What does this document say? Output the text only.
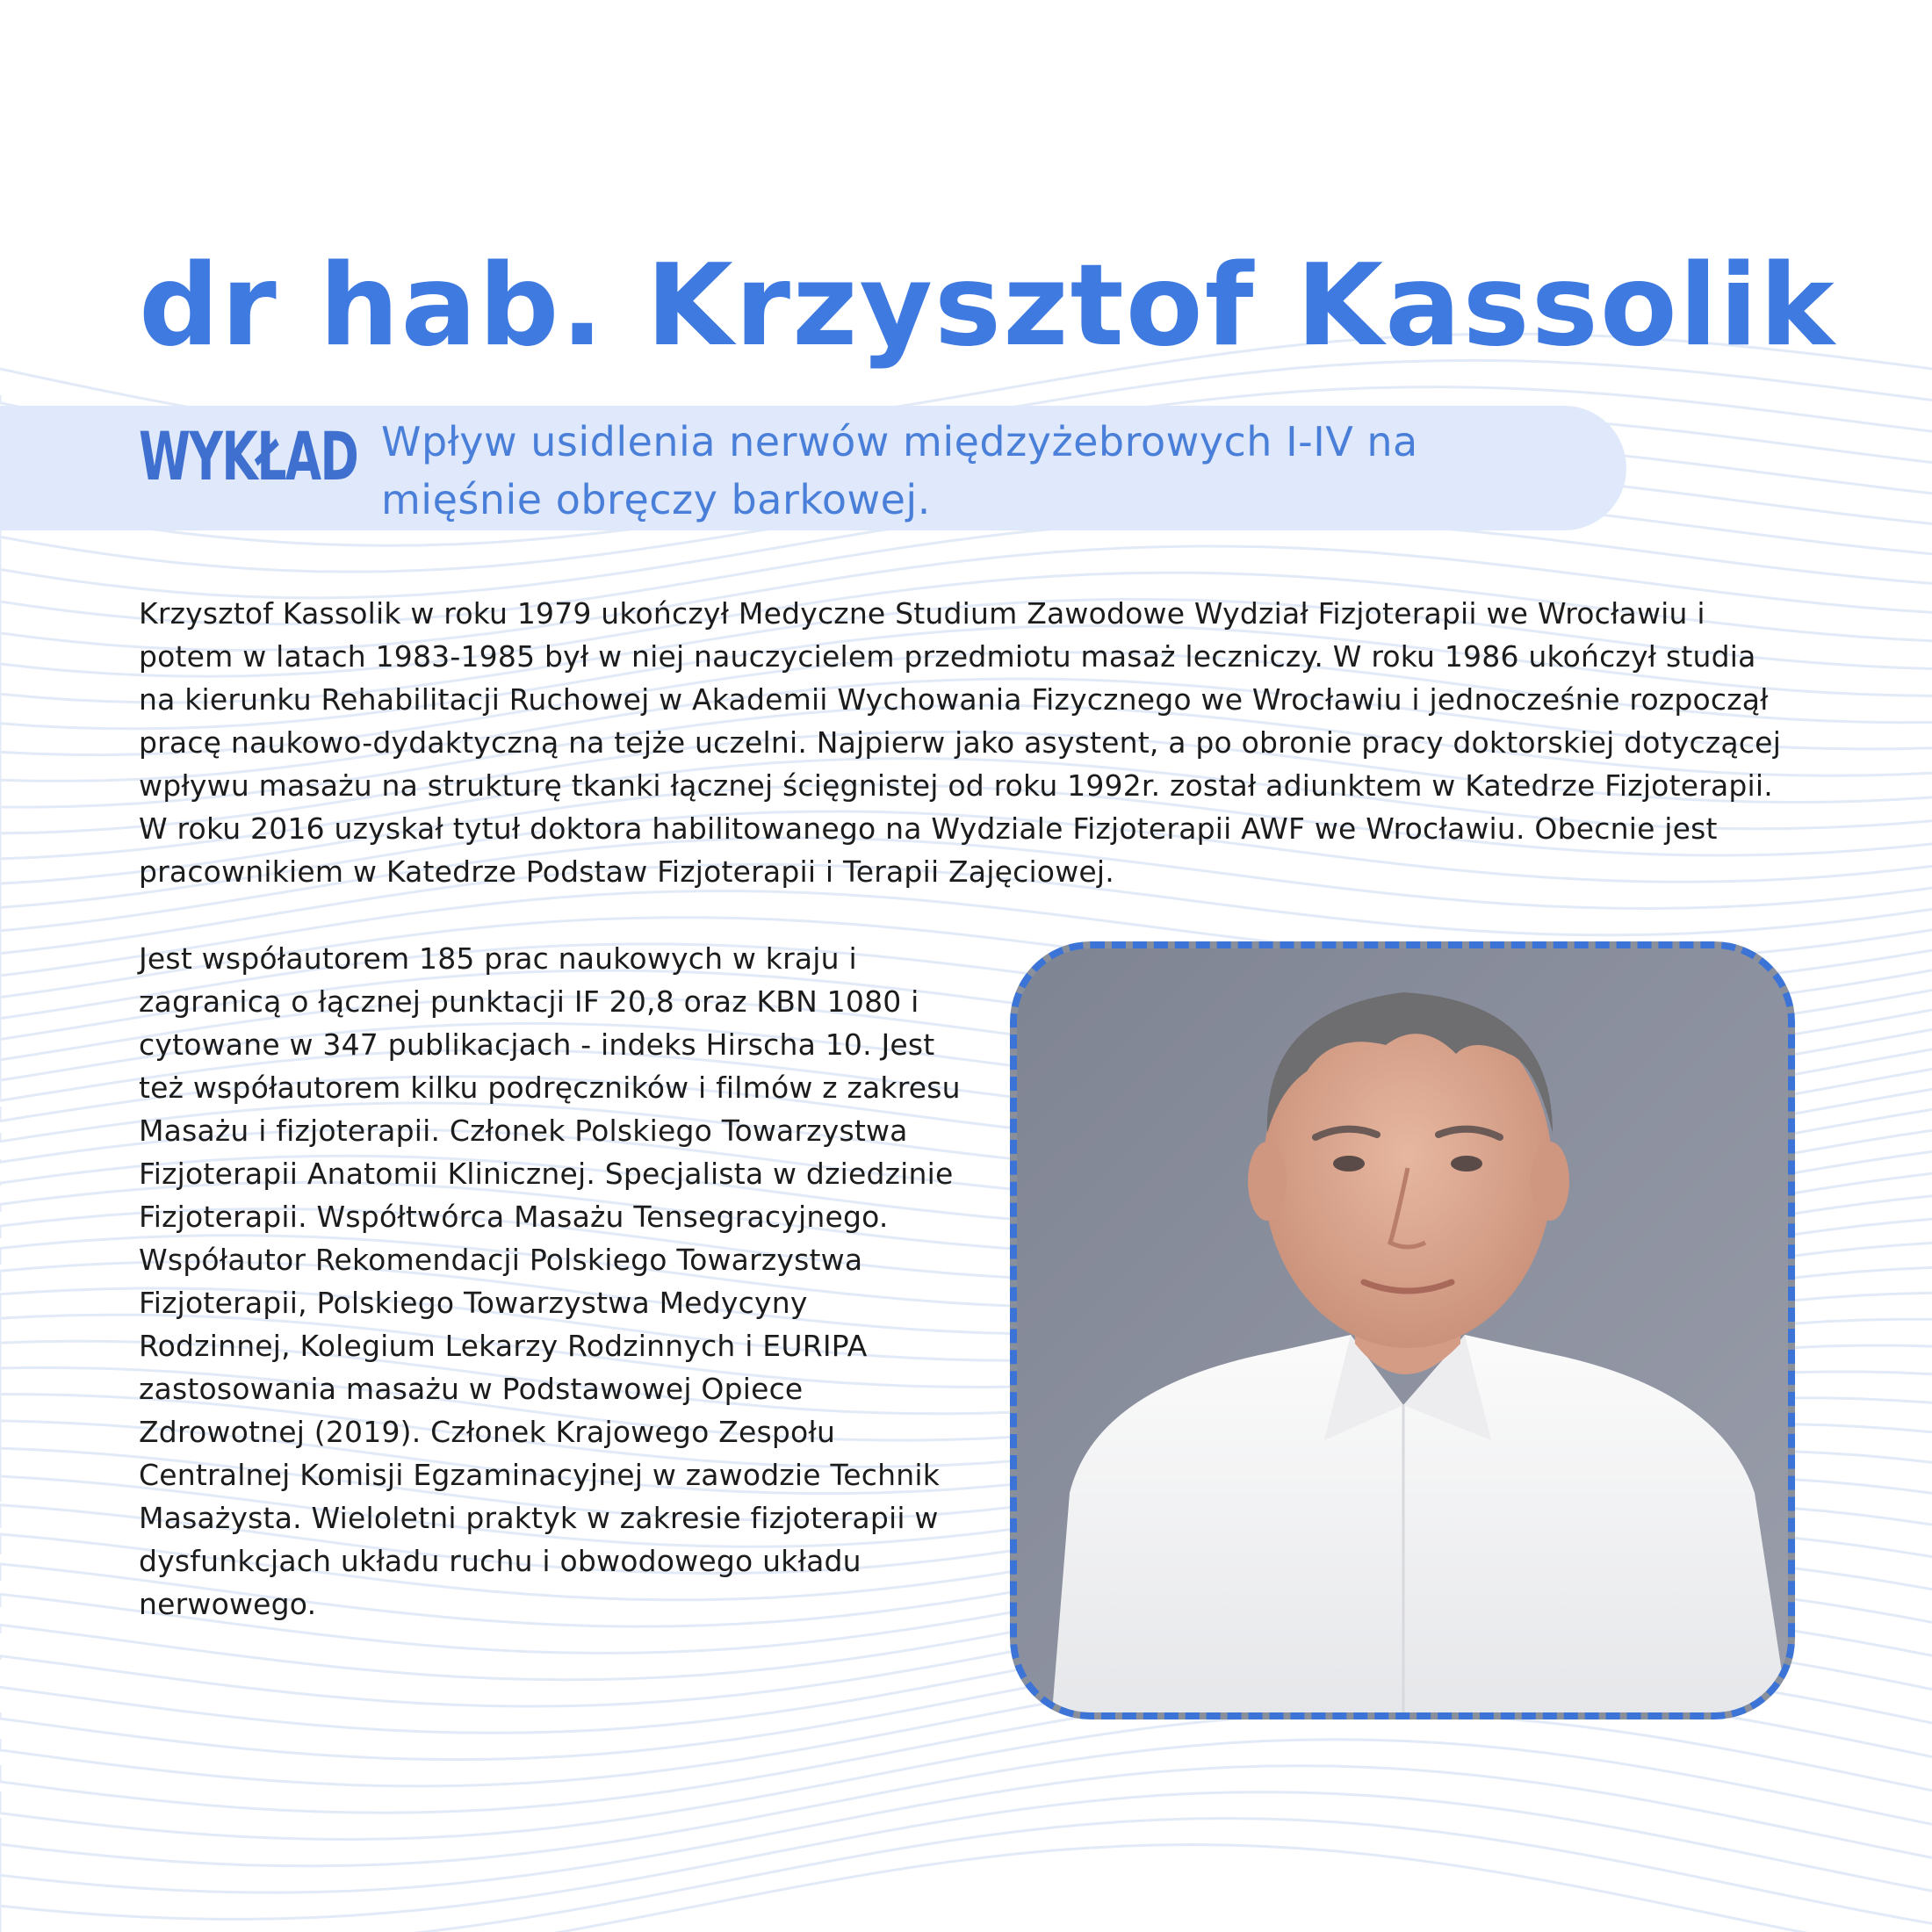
dr hab. Krzysztof Kassolik
WYKŁAD Wpływ usidlenia nerwów międzyżebrowych I-IV na mięśnie obręczy barkowej.

Krzysztof Kassolik w roku 1979 ukończył Medyczne Studium Zawodowe Wydział Fizjoterapii we Wrocławiu i potem w latach 1983-1985 był w niej nauczycielem przedmiotu masaż leczniczy. W roku 1986 ukończył studia na kierunku Rehabilitacji Ruchowej w Akademii Wychowania Fizycznego we Wrocławiu i jednocześnie rozpoczął pracę naukowo-dydaktyczną na tejże uczelni. Najpierw jako asystent, a po obronie pracy doktorskiej dotyczącej wpływu masażu na strukturę tkanki łącznej ścięgnistej od roku 1992r. został adiunktem w Katedrze Fizjoterapii. W roku 2016 uzyskał tytuł doktora habilitowanego na Wydziale Fizjoterapii AWF we Wrocławiu. Obecnie jest pracownikiem w Katedrze Podstaw Fizjoterapii i Terapii Zajęciowej.

Jest współautorem 185 prac naukowych w kraju i zagranicą o łącznej punktacji IF 20,8 oraz KBN 1080 i cytowane w 347 publikacjach - indeks Hirscha 10. Jest też współautorem kilku podręczników i filmów z zakresu Masażu i fizjoterapii. Członek Polskiego Towarzystwa Fizjoterapii Anatomii Klinicznej. Specjalista w dziedzinie Fizjoterapii. Współtwórca Masażu Tensegracyjnego. Współautor Rekomendacji Polskiego Towarzystwa Fizjoterapii, Polskiego Towarzystwa Medycyny Rodzinnej, Kolegium Lekarzy Rodzinnych i EURIPA zastosowania masażu w Podstawowej Opiece Zdrowotnej (2019). Członek Krajowego Zespołu Centralnej Komisji Egzaminacyjnej w zawodzie Technik Masażysta. Wieloletni praktyk w zakresie fizjoterapii w dysfunkcjach układu ruchu i obwodowego układu nerwowego.
